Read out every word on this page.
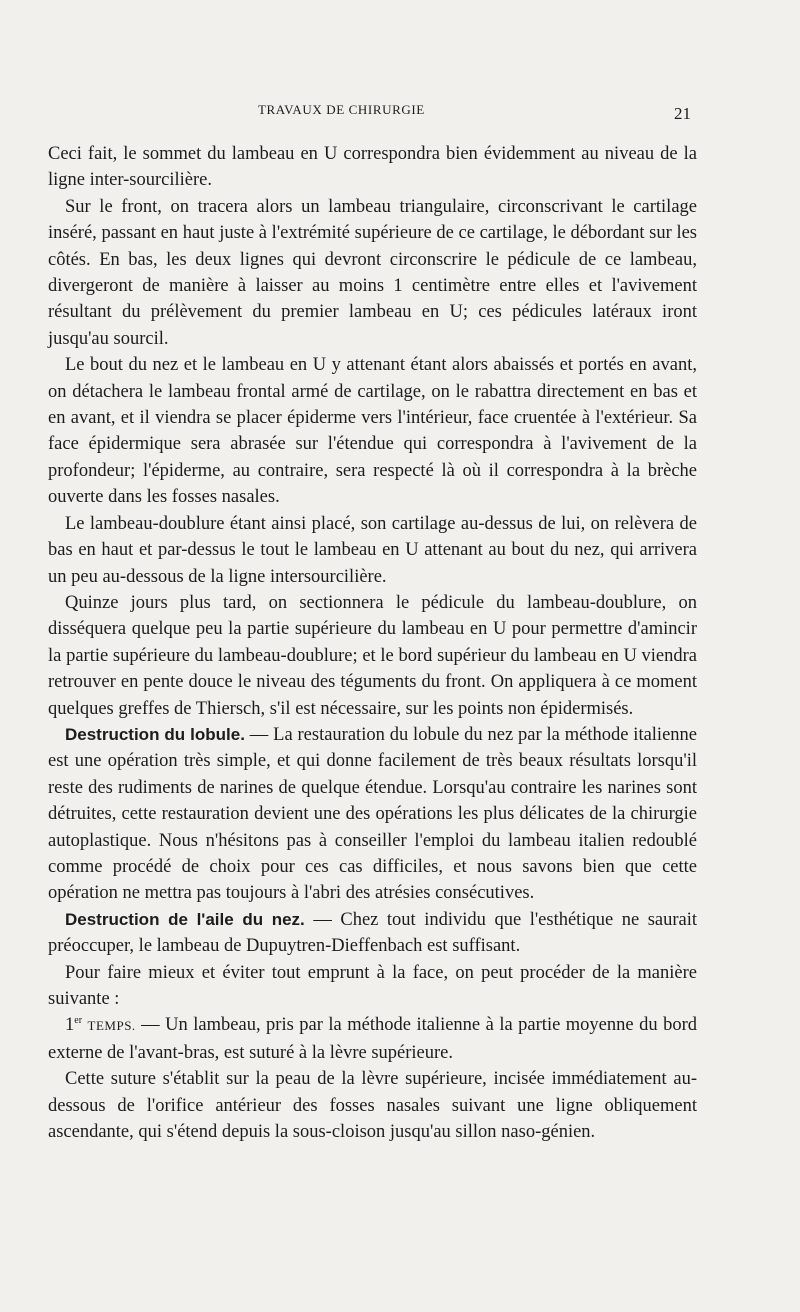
TRAVAUX DE CHIRURGIE	21

Ceci fait, le sommet du lambeau en U correspondra bien évidemment au niveau de la ligne inter-sourcilière.

Sur le front, on tracera alors un lambeau triangulaire, circonscrivant le cartilage inséré, passant en haut juste à l'extrémité supérieure de ce cartilage, le débordant sur les côtés. En bas, les deux lignes qui devront circonscrire le pédicule de ce lambeau, divergeront de manière à laisser au moins 1 centimètre entre elles et l'avivement résultant du prélèvement du premier lambeau en U; ces pédicules latéraux iront jusqu'au sourcil.

Le bout du nez et le lambeau en U y attenant étant alors abaissés et portés en avant, on détachera le lambeau frontal armé de cartilage, on le rabattra directement en bas et en avant, et il viendra se placer épiderme vers l'intérieur, face cruentée à l'extérieur. Sa face épidermique sera abrasée sur l'étendue qui correspondra à l'avivement de la profondeur; l'épiderme, au contraire, sera respecté là où il correspondra à la brèche ouverte dans les fosses nasales.

Le lambeau-doublure étant ainsi placé, son cartilage au-dessus de lui, on relèvera de bas en haut et par-dessus le tout le lambeau en U attenant au bout du nez, qui arrivera un peu au-dessous de la ligne intersourcilière.

Quinze jours plus tard, on sectionnera le pédicule du lambeau-doublure, on disséquera quelque peu la partie supérieure du lambeau en U pour permettre d'amincir la partie supérieure du lambeau-doublure; et le bord supérieur du lambeau en U viendra retrouver en pente douce le niveau des téguments du front. On appliquera à ce moment quelques greffes de Thiersch, s'il est nécessaire, sur les points non épidermisés.

Destruction du lobule. — La restauration du lobule du nez par la méthode italienne est une opération très simple, et qui donne facilement de très beaux résultats lorsqu'il reste des rudiments de narines de quelque étendue. Lorsqu'au contraire les narines sont détruites, cette restauration devient une des opérations les plus délicates de la chirurgie autoplastique. Nous n'hésitons pas à conseiller l'emploi du lambeau italien redoublé comme procédé de choix pour ces cas difficiles, et nous savons bien que cette opération ne mettra pas toujours à l'abri des atrésies consécutives.

Destruction de l'aile du nez. — Chez tout individu que l'esthétique ne saurait préoccuper, le lambeau de Dupuytren-Dieffenbach est suffisant.

Pour faire mieux et éviter tout emprunt à la face, on peut procéder de la manière suivante :

1er TEMPS. — Un lambeau, pris par la méthode italienne à la partie moyenne du bord externe de l'avant-bras, est suturé à la lèvre supérieure.

Cette suture s'établit sur la peau de la lèvre supérieure, incisée immédiatement au-dessous de l'orifice antérieur des fosses nasales suivant une ligne obliquement ascendante, qui s'étend depuis la sous-cloison jusqu'au sillon naso-génien.
